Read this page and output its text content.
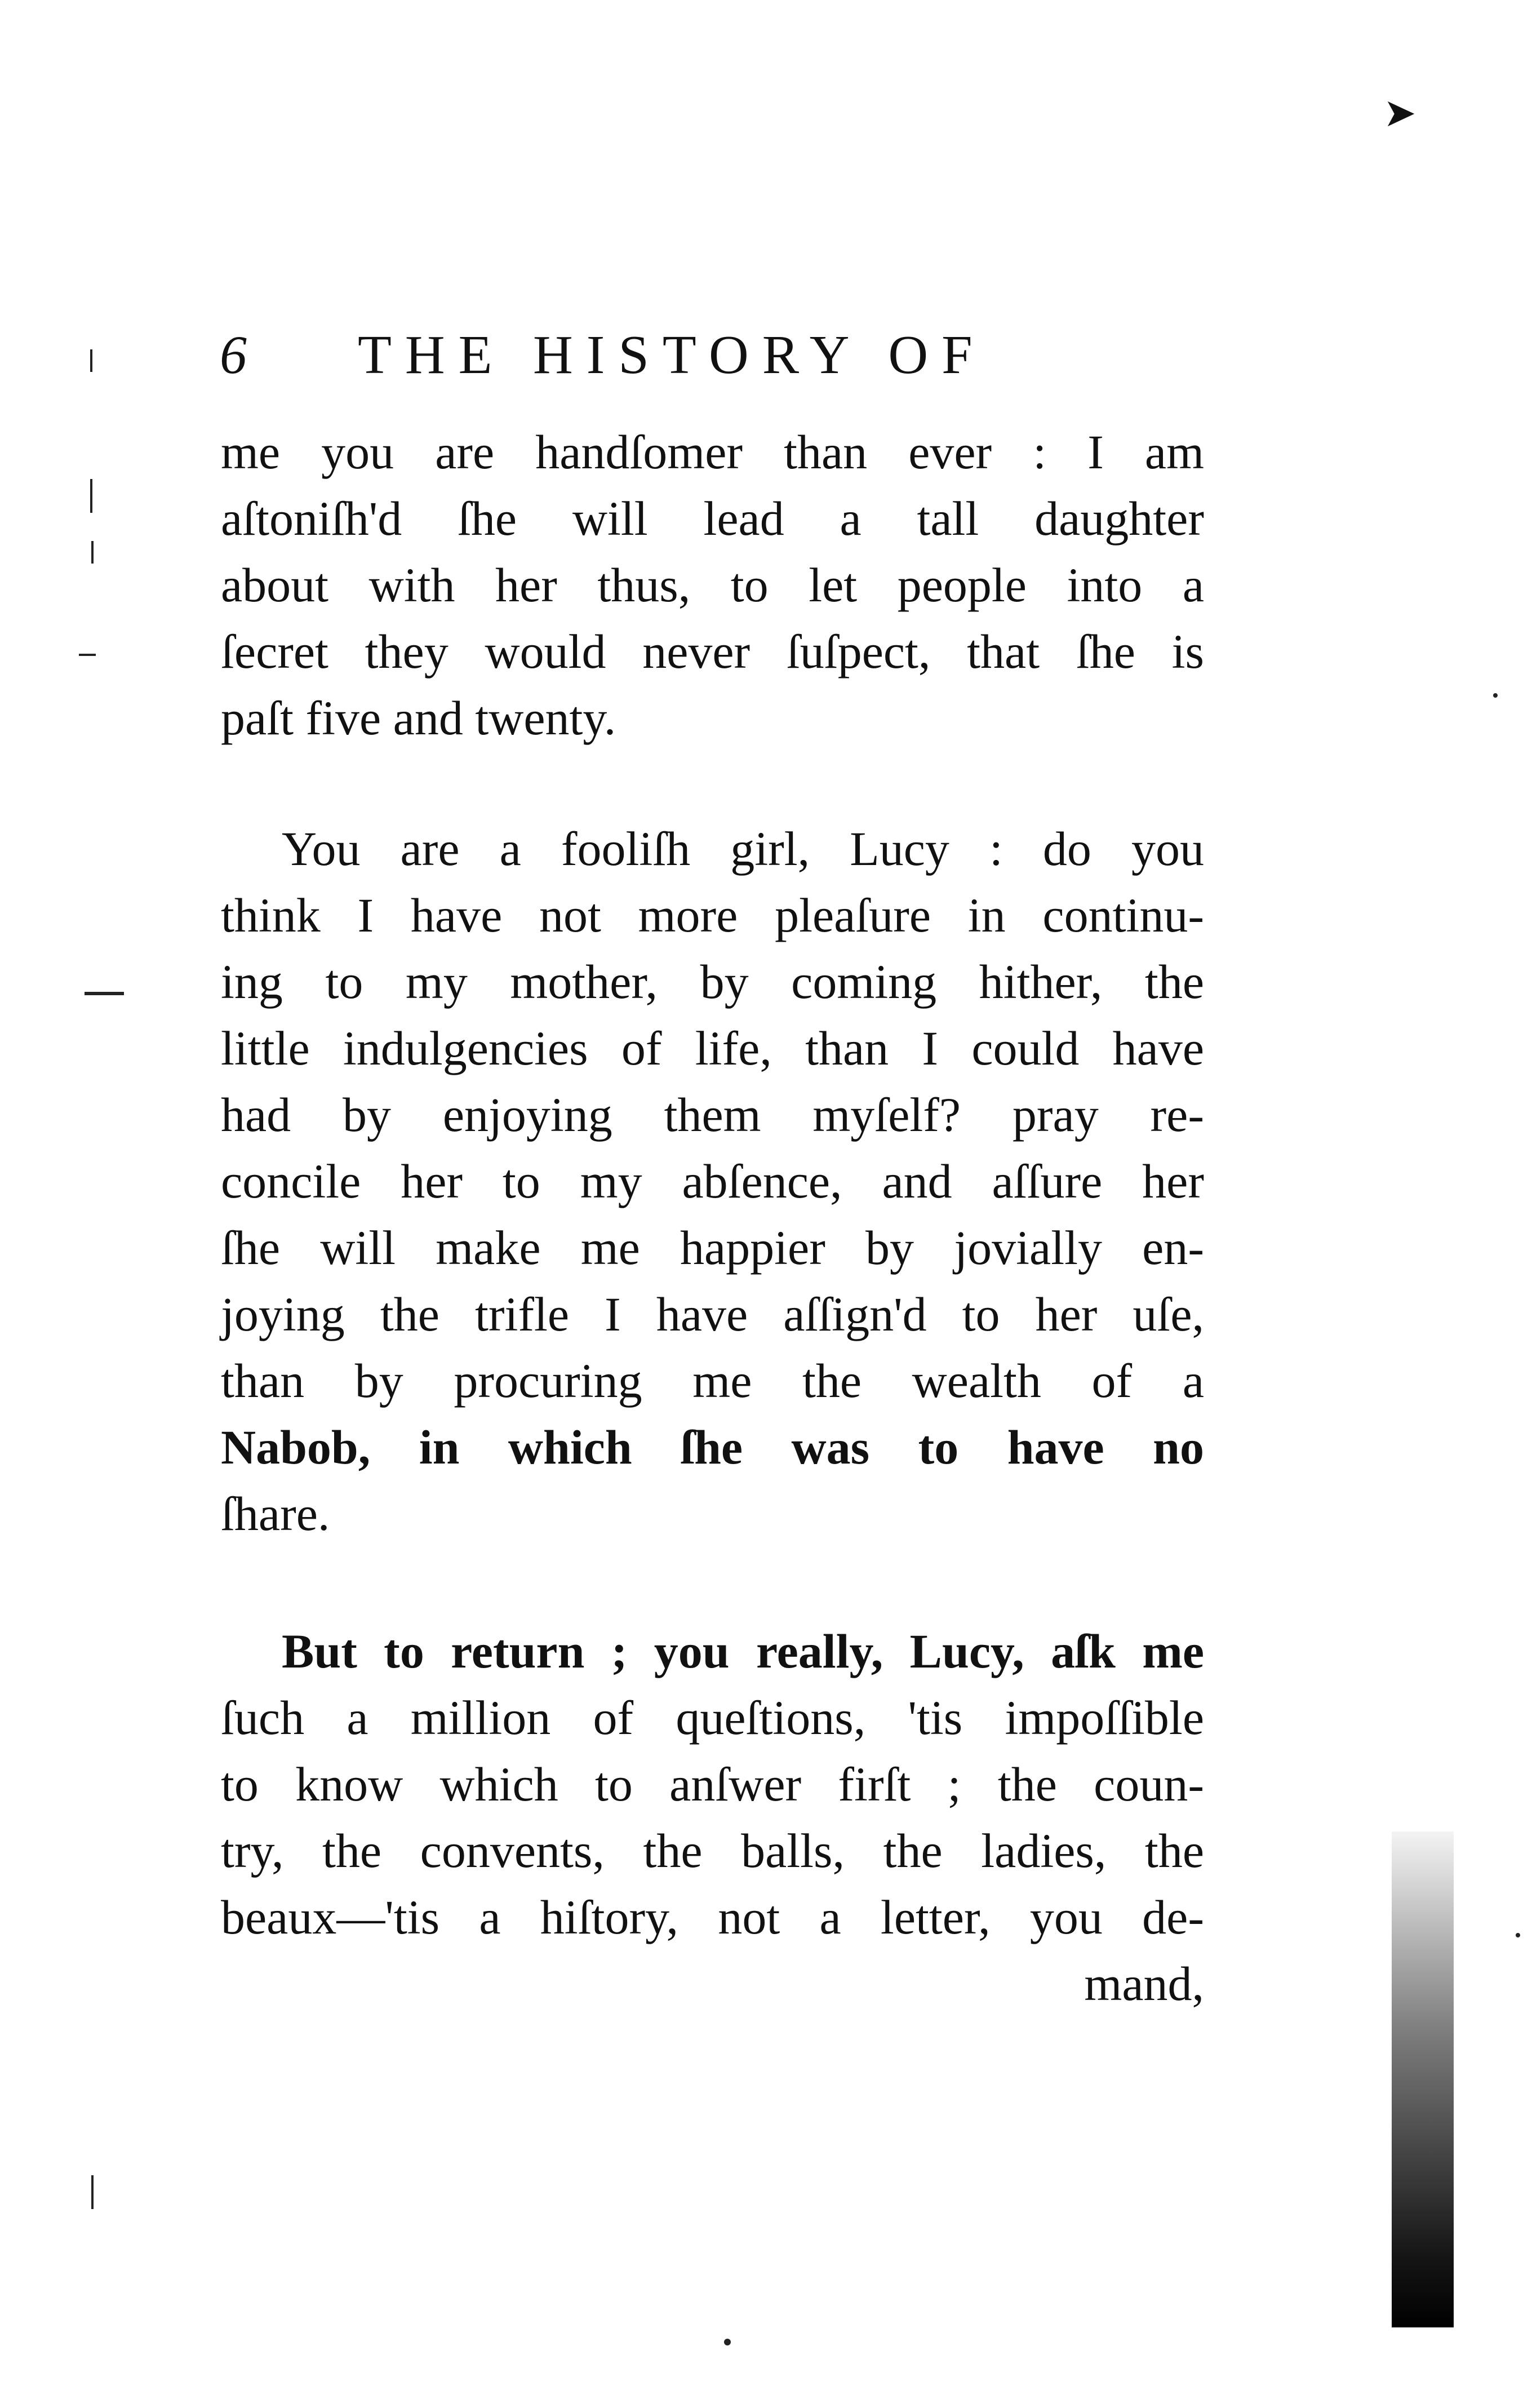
➤
6 THE HISTORY OF
me you are handſomer than ever : I am
aſtoniſh'd ſhe will lead a tall daughter
about with her thus, to let people into a
ſecret they would never ſuſpect, that ſhe is
paſt five and twenty.
You are a fooliſh girl, Lucy : do you
think I have not more pleaſure in continu-
ing to my mother, by coming hither, the
little indulgencies of life, than I could have
had by enjoying them myſelf? pray re-
concile her to my abſence, and aſſure her
ſhe will make me happier by jovially en-
joying the trifle I have aſſign'd to her uſe,
than by procuring me the wealth of a
Nabob, in which ſhe was to have no
ſhare.
But to return ; you really, Lucy, aſk me
ſuch a million of queſtions, 'tis impoſſible
to know which to anſwer firſt ; the coun-
try, the convents, the balls, the ladies, the
beaux—'tis a hiſtory, not a letter, you de-
mand,
